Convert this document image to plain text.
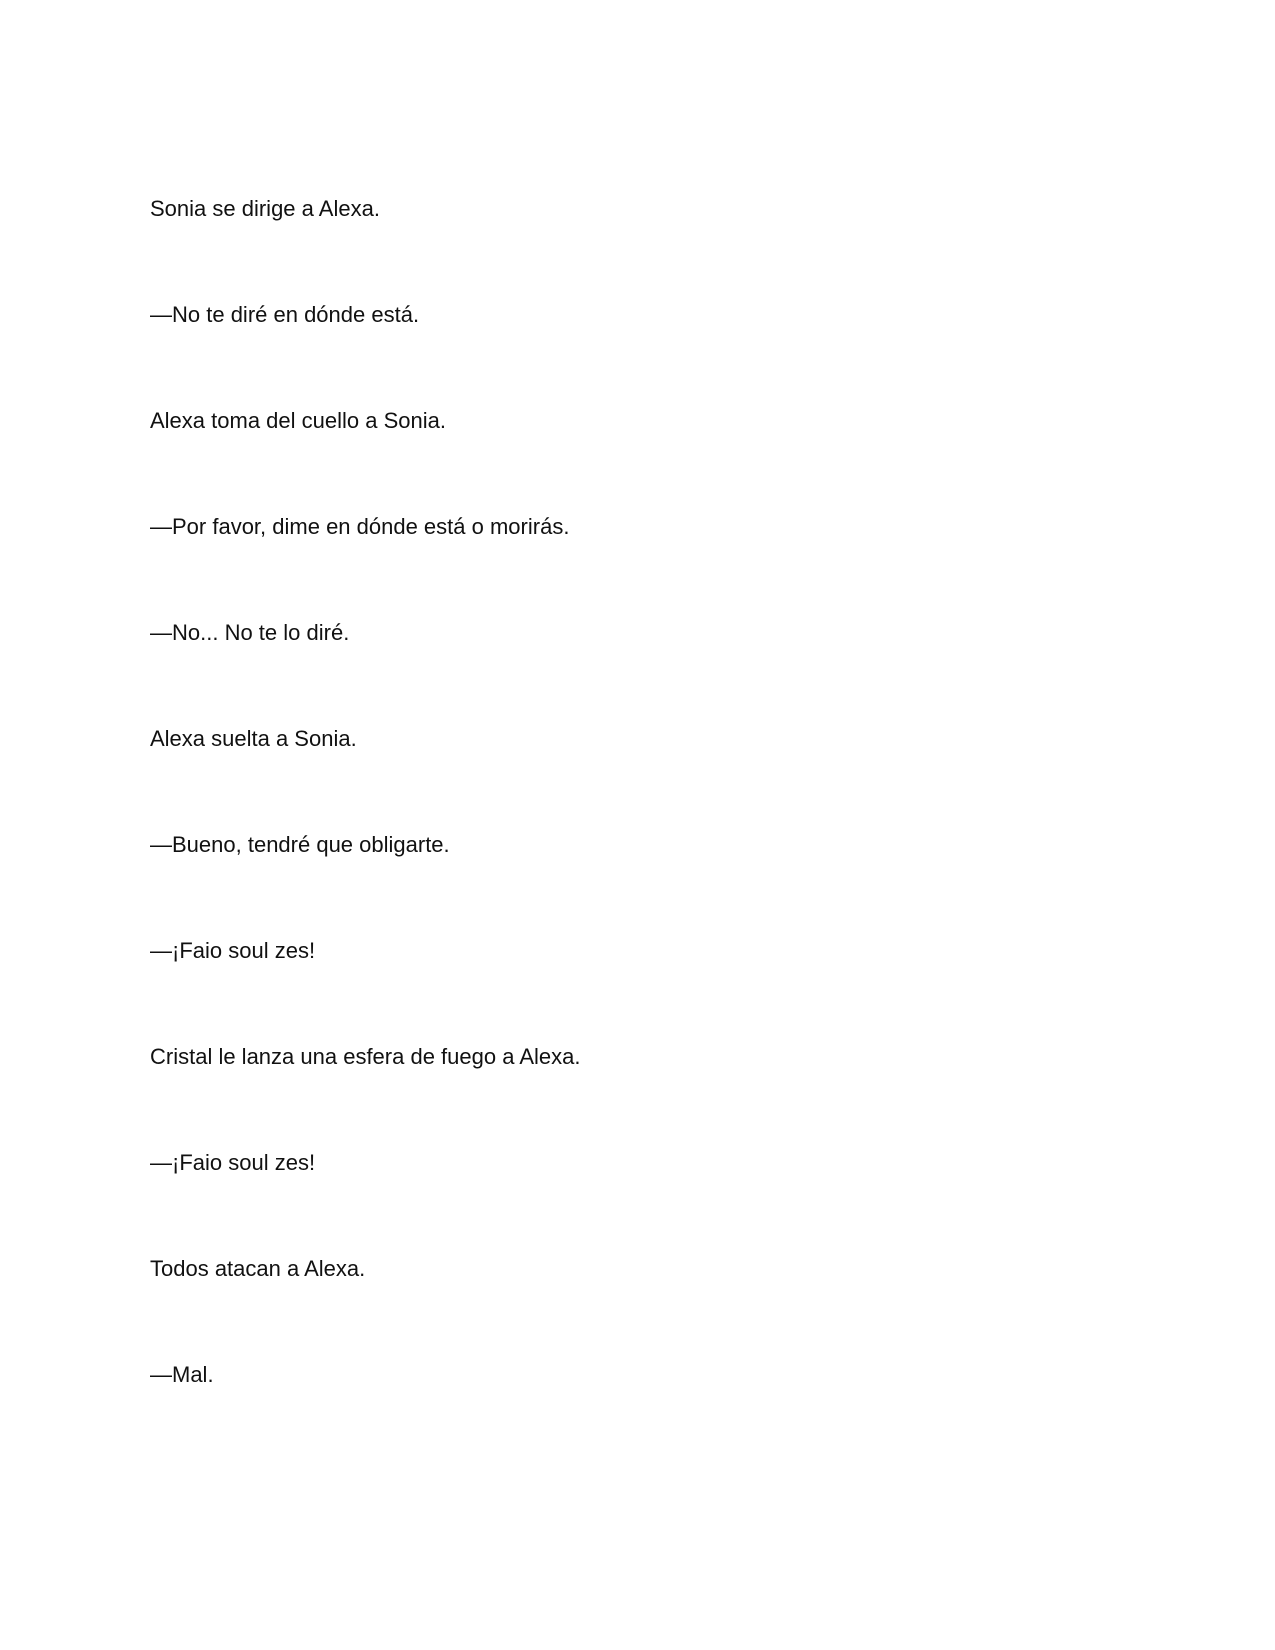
Sonia se dirige a Alexa.

—No te diré en dónde está.

Alexa toma del cuello a Sonia.

—Por favor, dime en dónde está o morirás.

—No... No te lo diré.

Alexa suelta a Sonia.

—Bueno, tendré que obligarte.

—¡Faio soul zes!

Cristal le lanza una esfera de fuego a Alexa.

—¡Faio soul zes!

Todos atacan a Alexa.

—Mal.
